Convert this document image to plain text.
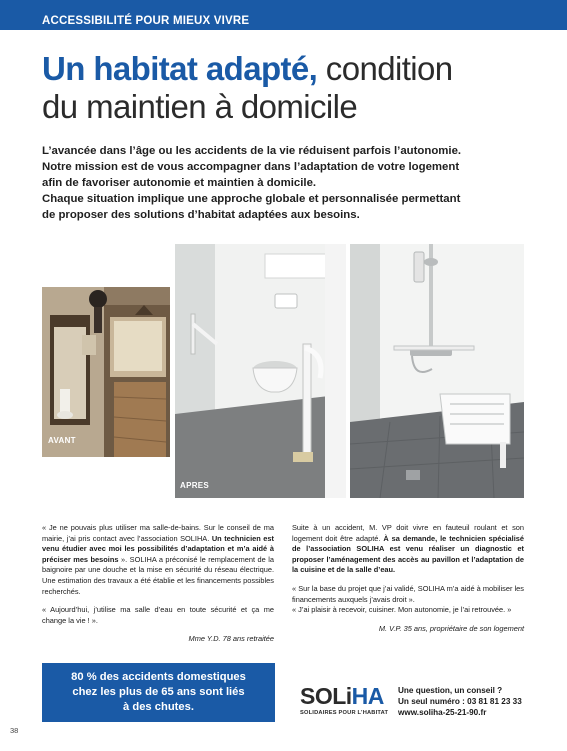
ACCESSIBILITÉ POUR MIEUX VIVRE
Un habitat adapté, condition
du maintien à domicile

L’avancée dans l’âge ou les accidents de la vie réduisent parfois l’autonomie.

Notre mission est de vous accompagner dans l’adaptation de votre logement

afin de favoriser autonomie et maintien à domicile.

Chaque situation implique une approche globale et personnalisée permettant

de proposer des solutions d’habitat adaptées aux besoins.

AVANT
APRES

« Je ne pouvais plus utiliser ma salle-de-bains. Sur le conseil de ma mairie, j’ai pris contact avec l’association SOLIHA. Un technicien est venu étudier avec moi les possibilités d’adaptation et m’a aidé à préciser mes besoins ». SOLIHA a préconisé le remplacement de la baignoire par une douche et la mise en sécurité du réseau électrique. Une estimation des travaux a été établie et les financements possibles recherchés.

« Aujourd’hui, j’utilise ma salle d’eau en toute sécurité et ça me change la vie ! ».

Mme Y.D. 78 ans retraitée

Suite à un accident, M. VP doit vivre en fauteuil roulant et son logement doit être adapté. À sa demande, le technicien spécialisé de l’association SOLIHA est venu réaliser un diagnostic et proposer l’aménagement des accès au pavillon et l’adaptation de la cuisine et de la salle d’eau.

« Sur la base du projet que j’ai validé, SOLIHA m’a aidé à mobiliser les financements auxquels j’avais droit ».

« J’ai plaisir à recevoir, cuisiner. Mon autonomie, je l’ai retrouvée. »

M. V.P. 35 ans, propriétaire de son logement
80 % des accidents domestiques
chez les plus de 65 ans sont liés
à des chutes.	SOLiHA
SOLIDAIRES POUR L’HABITAT
Une question, un conseil ?
Un seul numéro : 03 81 81 23 33
www.soliha-25-21-90.fr
38
